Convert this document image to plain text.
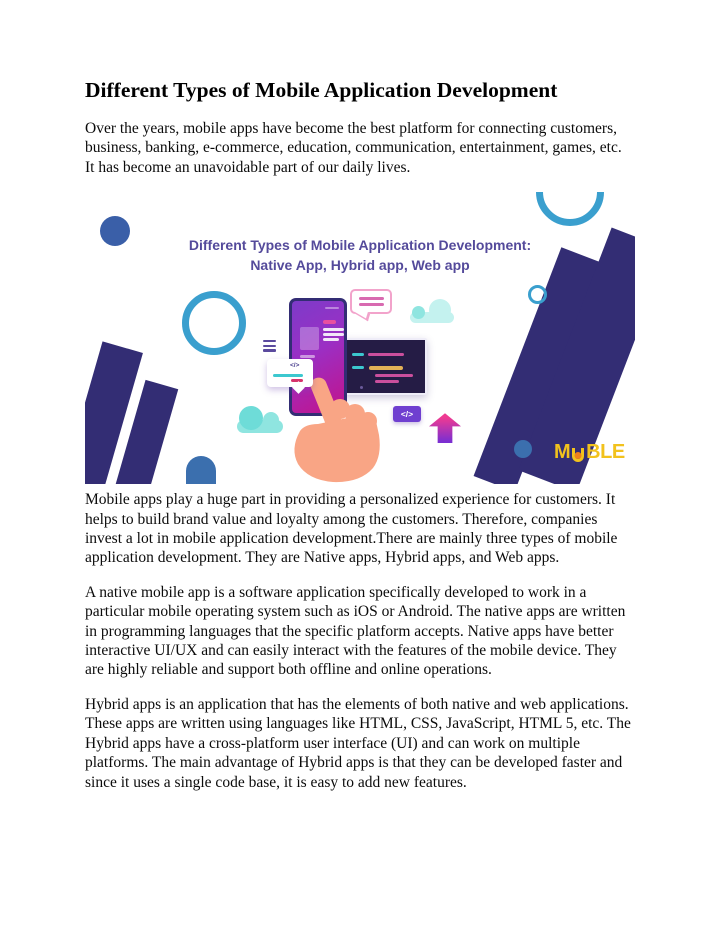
Different Types of Mobile Application Development

Over the years, mobile apps have become the best platform for connecting customers, business, banking, e-commerce, education, communication, entertainment, games, etc. It has become an unavoidable part of our daily lives.

Different Types of Mobile Application Development:
Native App, Hybrid app, Web app
</>
</>
M BLE

Mobile apps play a huge part in providing a personalized experience for customers. It helps to build brand value and loyalty among the customers. Therefore, companies invest a lot in mobile application development.There are mainly three types of mobile application development. They are Native apps, Hybrid apps, and Web apps.

A native mobile app is a software application specifically developed to work in a particular mobile operating system such as iOS or Android. The native apps are written in programming languages that the specific platform accepts. Native apps have better interactive UI/UX and can easily interact with the features of the mobile device. They are highly reliable and support both offline and online operations.

Hybrid apps is an application that has the elements of both native and web applications. These apps are written using languages like HTML, CSS, JavaScript, HTML 5, etc. The Hybrid apps have a cross-platform user interface (UI) and can work on multiple platforms. The main advantage of Hybrid apps is that they can be developed faster and since it uses a single code base, it is easy to add new features.
